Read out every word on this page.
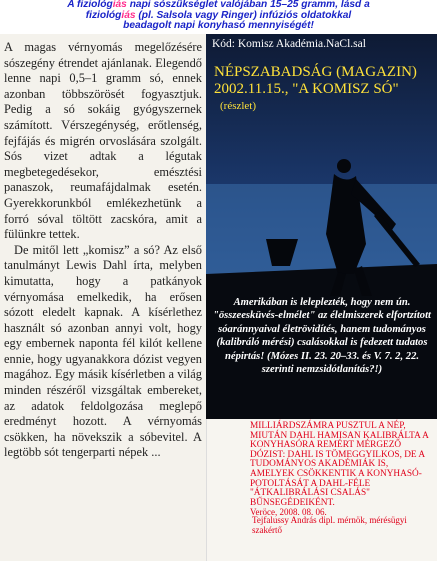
A fiziológiás napi sószükséglet valójában 15–25 gramm, lásd a
fiziológiás (pl. Salsola vagy Ringer) infúziós oldatokkal
beadagolt napi konyhasó mennyiségét!

A magas vérnyomás megelőzésére sószegény étrendet ajánlanak. Elegendő lenne napi 0,5–1 gramm só, ennek azonban többszörösét fogyasztjuk. Pedig a só sokáig gyógyszernek számított. Vérszegénység, erőtlenség, fejfájás és migrén orvoslására szolgált. Sós vizet adtak a légutak megbetegedésekor, emésztési panaszok, reumafájdalmak esetén. Gyerekkorunkból emlékezhetünk a forró sóval töltött zacskóra, amit a fülünkre tettek.

De mitől lett „komisz” a só? Az első tanulmányt Lewis Dahl írta, melyben kimutatta, hogy a patkányok vérnyomása emelkedik, ha erősen sózott eledelt kapnak. A kísérlethez használt só azonban annyi volt, hogy egy embernek naponta fél kilót kellene ennie, hogy ugyanakkora dózist vegyen magához. Egy másik kísérletben a világ minden részéről vizsgáltak embereket, az adatok feldolgozása meglepő eredményt hozott. A vérnyomás csökken, ha növekszik a sóbevitel. A legtöbb sót tengerparti népek ...

Kód: Komisz Akadémia.NaCl.sal
NÉPSZABADSÁG (MAGAZIN) 2002.11.15., "A KOMISZ SÓ"
(részlet)
Amerikában is leleplezték, hogy nem ún. "összeesküvés-elmélet" az élelmiszerek elfortzított sóaránnyaival életrövidítés, hanem tudományos (kalibráló mérési) csalásokkal is fedezett tudatos népirtás! (Mózes II. 23. 20–33. és V. 7. 2, 22. szerinti nemzsidótlanítás?!)
MILLIÁRDSZÁMRA PUSZTUL A NÉP, MIUTÁN DAHL HAMISAN KALIBRÁLTA A KONYHASÓRA REMÉRT MÉRGEZŐ DÓZIST: DAHL IS TÖMEGGYILKOS, DE A TUDOMÁNYOS AKADÉMIÁK IS, AMELYEK CSÖKKENTIK A KONYHASÓ-POTOLTÁSÁT A DAHL-FÉLE "ÁTKALIBRÁLÁSI CSALÁS" BŰNSEGÉDEIKÉNT.
Veröce, 2008. 08. 06.
Tejfalussy András dipl. mérnök, mérésügyi szakértő
